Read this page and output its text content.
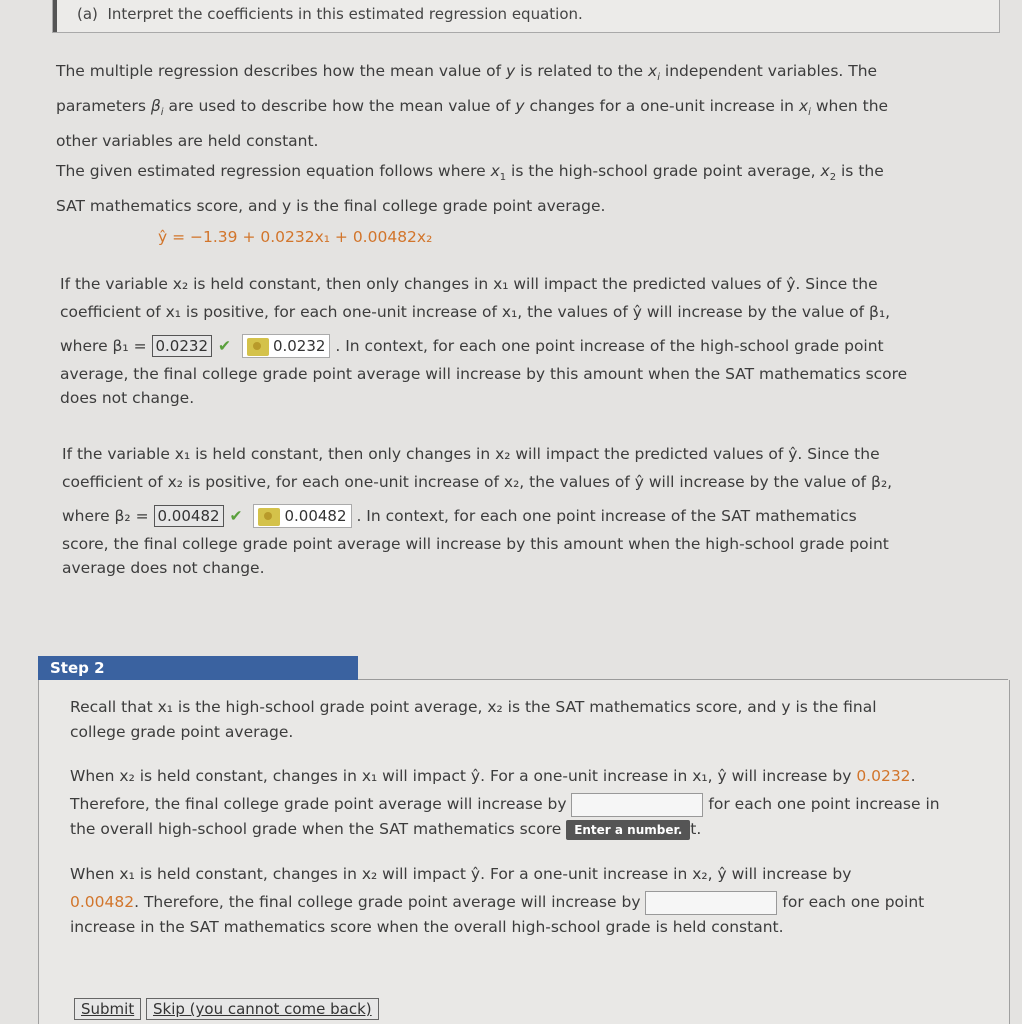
(a) Interpret the coefficients in this estimated regression equation.

The multiple regression describes how the mean value of y is related to the $x_i$ independent variables. The

parameters $\beta_i$ are used to describe how the mean value of y changes for a one-unit increase in $x_i$ when the

other variables are held constant.

The given estimated regression equation follows where $x_1$ is the high-school grade point average, $x_2$ is the

SAT mathematics score, and y is the final college grade point average.

ŷ = −1.39 + 0.0232x₁ + 0.00482x₂

If the variable x₂ is held constant, then only changes in x₁ will impact the predicted values of ŷ. Since the

coefficient of x₁ is positive, for each one-unit increase of x₁, the values of ŷ will increase by the value of β₁,

where β₁ = 0.0232 ✔	0.0232 . In context, for each one point increase of the high-school grade point

average, the final college grade point average will increase by this amount when the SAT mathematics score

does not change.

If the variable x₁ is held constant, then only changes in x₂ will impact the predicted values of ŷ. Since the

coefficient of x₂ is positive, for each one-unit increase of x₂, the values of ŷ will increase by the value of β₂,

where β₂ = 0.00482 ✔	0.00482 . In context, for each one point increase of the SAT mathematics

score, the final college grade point average will increase by this amount when the high-school grade point

average does not change.

Step 2

Recall that x₁ is the high-school grade point average, x₂ is the SAT mathematics score, and y is the final

college grade point average.

When x₂ is held constant, changes in x₁ will impact ŷ. For a one-unit increase in x₁, ŷ will increase by 0.0232.

Therefore, the final college grade point average will increase by	for each one point increase in

the overall high-school grade when the SAT mathematics score Enter a number. t.

When x₁ is held constant, changes in x₂ will impact ŷ. For a one-unit increase in x₂, ŷ will increase by

0.00482. Therefore, the final college grade point average will increase by	for each one point

increase in the SAT mathematics score when the overall high-school grade is held constant.

Submit	Skip (you cannot come back)
